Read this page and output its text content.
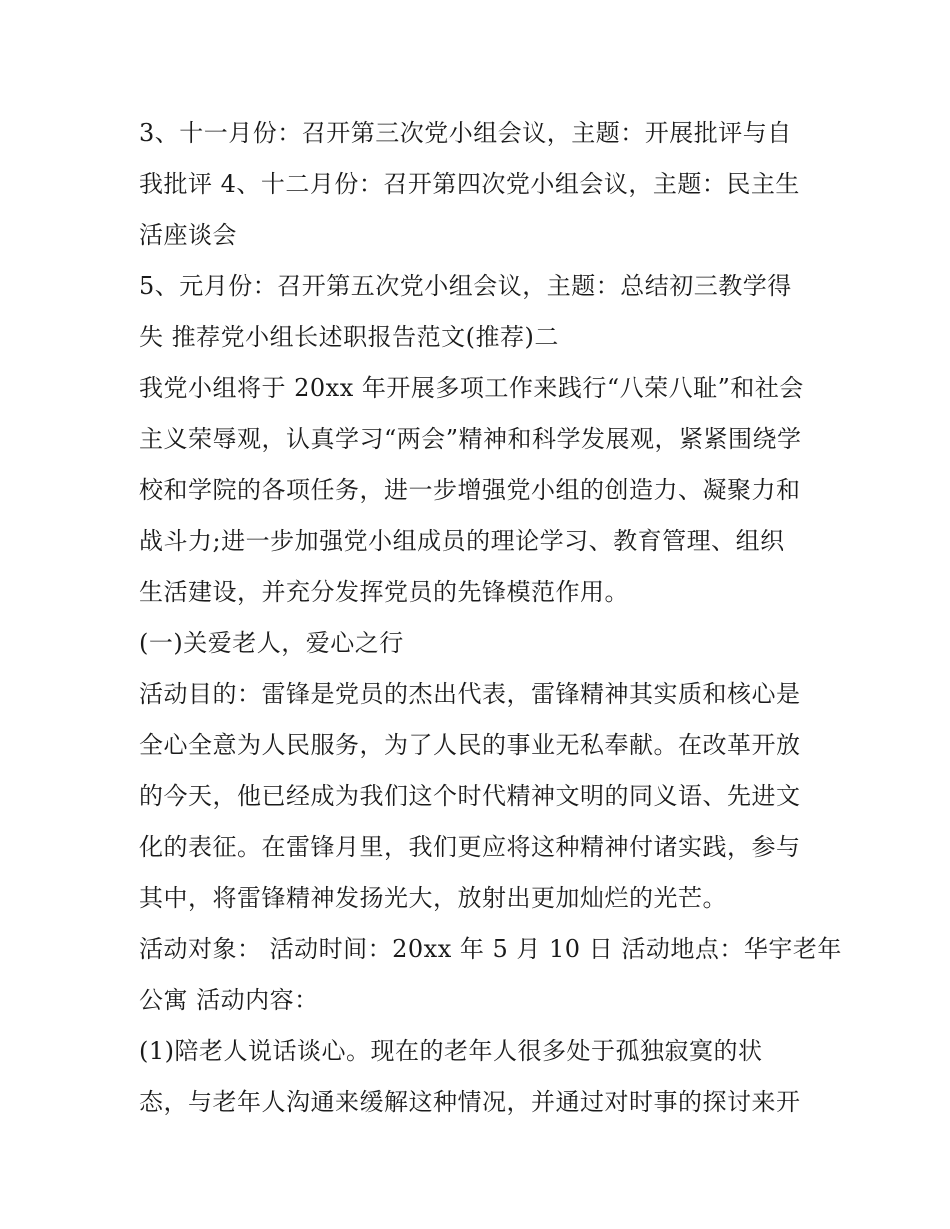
3、十一月份：召开第三次党小组会议，主题：开展批评与自
我批评 4、十二月份：召开第四次党小组会议，主题：民主生
活座谈会
5、元月份：召开第五次党小组会议，主题：总结初三教学得
失 推荐党小组长述职报告范文(推荐)二
我党小组将于 20xx 年开展多项工作来践行“八荣八耻”和社会
主义荣辱观，认真学习“两会”精神和科学发展观，紧紧围绕学
校和学院的各项任务，进一步增强党小组的创造力、凝聚力和
战斗力;进一步加强党小组成员的理论学习、教育管理、组织
生活建设，并充分发挥党员的先锋模范作用。
(一)关爱老人，爱心之行
活动目的：雷锋是党员的杰出代表，雷锋精神其实质和核心是
全心全意为人民服务，为了人民的事业无私奉献。在改革开放
的今天，他已经成为我们这个时代精神文明的同义语、先进文
化的表征。在雷锋月里，我们更应将这种精神付诸实践，参与
其中，将雷锋精神发扬光大，放射出更加灿烂的光芒。
活动对象： 活动时间：20xx 年 5 月 10 日 活动地点：华宇老年
公寓 活动内容：
(1)陪老人说话谈心。现在的老年人很多处于孤独寂寞的状
态，与老年人沟通来缓解这种情况，并通过对时事的探讨来开
